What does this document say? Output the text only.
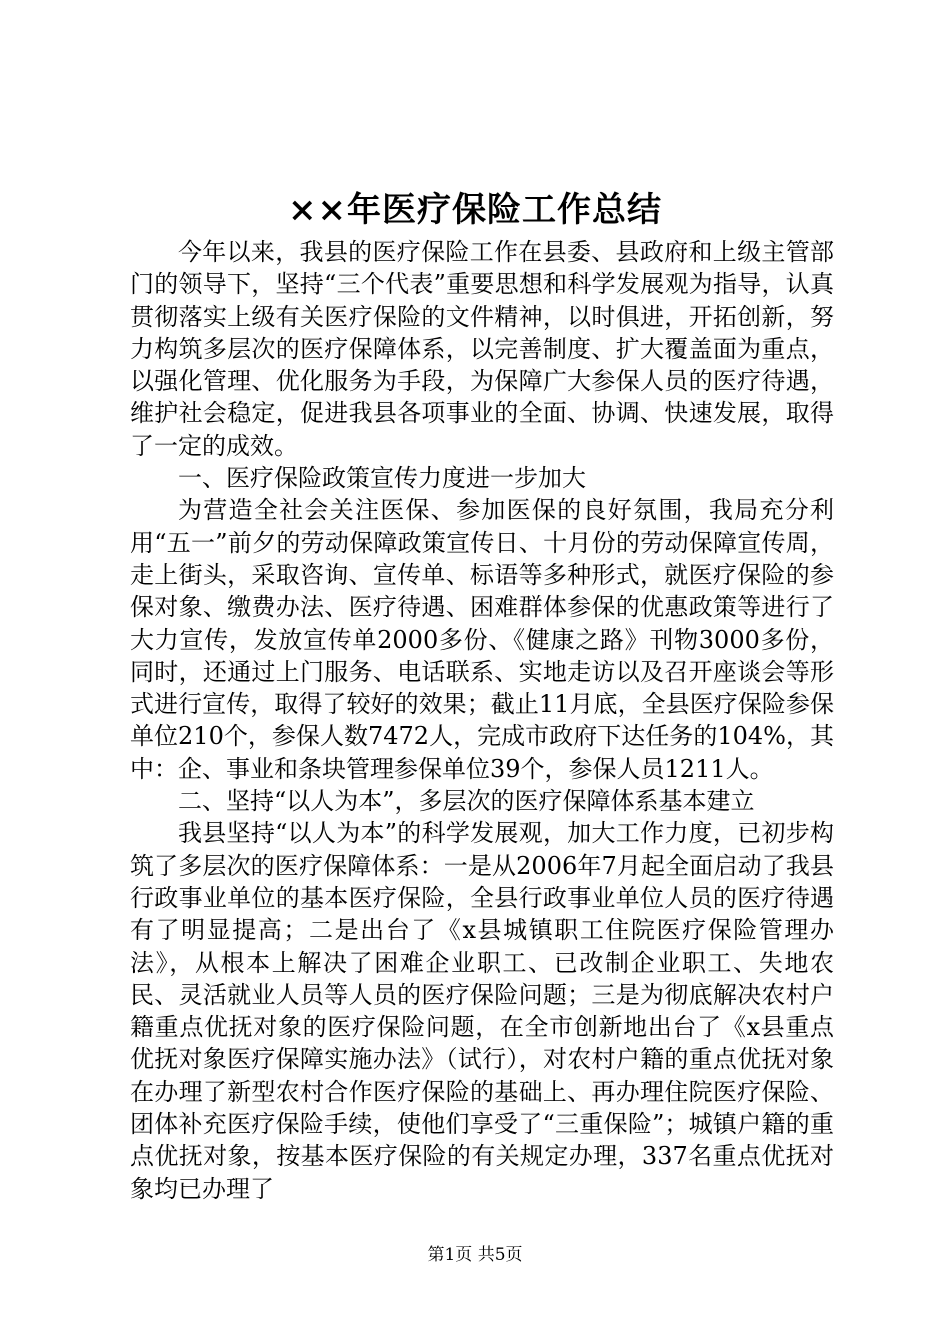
××年医疗保险工作总结

今年以来，我县的医疗保险工作在县委、县政府和上级主管部门的领导下，坚持“三个代表”重要思想和科学发展观为指导，认真贯彻落实上级有关医疗保险的文件精神，以时俱进，开拓创新，努力构筑多层次的医疗保障体系，以完善制度、扩大覆盖面为重点，以强化管理、优化服务为手段，为保障广大参保人员的医疗待遇，维护社会稳定，促进我县各项事业的全面、协调、快速发展，取得了一定的成效。

一、医疗保险政策宣传力度进一步加大

为营造全社会关注医保、参加医保的良好氛围，我局充分利用“五一”前夕的劳动保障政策宣传日、十月份的劳动保障宣传周，走上街头，采取咨询、宣传单、标语等多种形式，就医疗保险的参保对象、缴费办法、医疗待遇、困难群体参保的优惠政策等进行了大力宣传，发放宣传单2000多份、《健康之路》刊物3000多份，同时，还通过上门服务、电话联系、实地走访以及召开座谈会等形式进行宣传，取得了较好的效果；截止11月底，全县医疗保险参保单位210个，参保人数7472人，完成市政府下达任务的104%，其中：企、事业和条块管理参保单位39个，参保人员1211人。

二、坚持“以人为本”，多层次的医疗保障体系基本建立

我县坚持“以人为本”的科学发展观，加大工作力度，已初步构筑了多层次的医疗保障体系：一是从2006年7月起全面启动了我县行政事业单位的基本医疗保险，全县行政事业单位人员的医疗待遇有了明显提高；二是出台了《x县城镇职工住院医疗保险管理办法》，从根本上解决了困难企业职工、已改制企业职工、失地农民、灵活就业人员等人员的医疗保险问题；三是为彻底解决农村户籍重点优抚对象的医疗保险问题，在全市创新地出台了《x县重点优抚对象医疗保障实施办法》（试行），对农村户籍的重点优抚对象在办理了新型农村合作医疗保险的基础上、再办理住院医疗保险、团体补充医疗保险手续，使他们享受了“三重保险”；城镇户籍的重点优抚对象，按基本医疗保险的有关规定办理，337名重点优抚对象均已办理了

第1页 共5页
